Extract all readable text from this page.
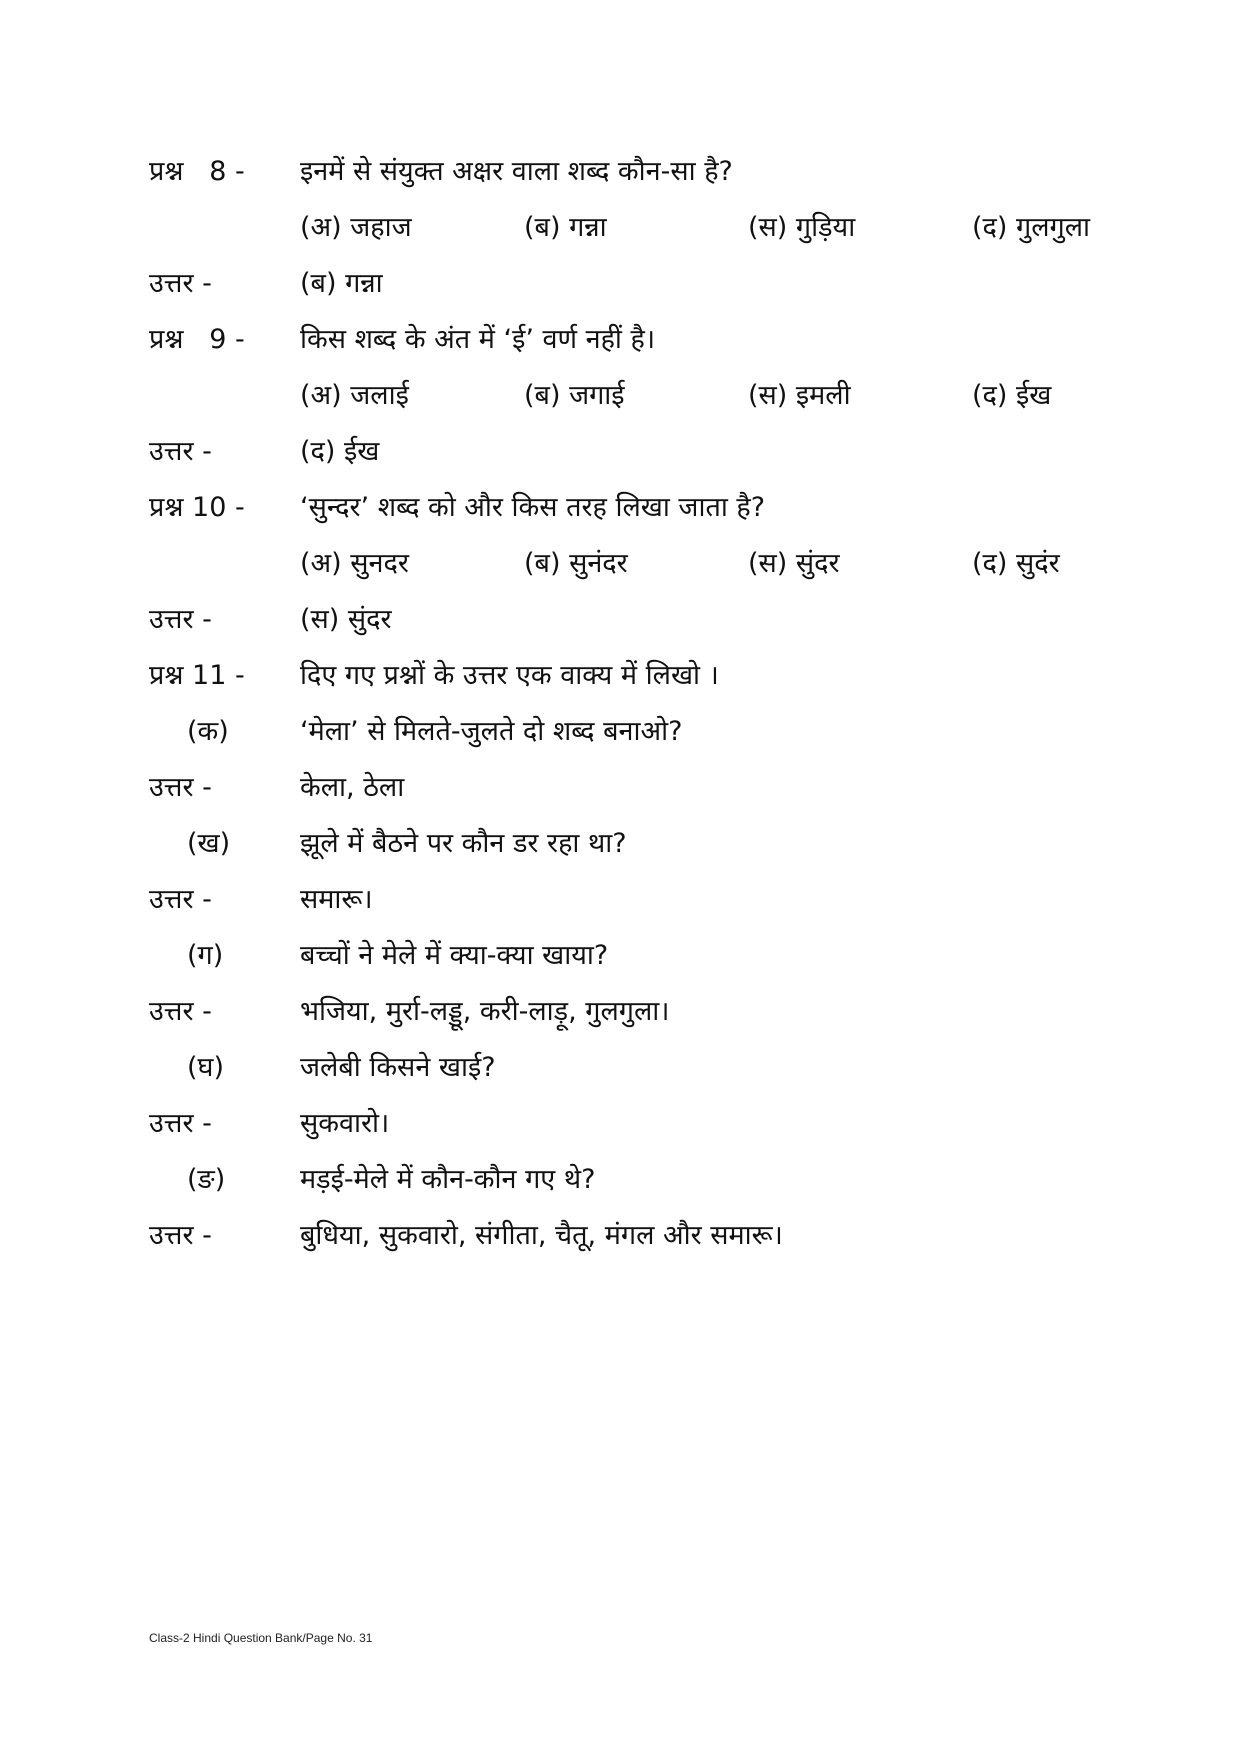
प्रश्न   8 - इनमें से संयुक्त अक्षर वाला शब्द कौन-सा है?
(अ) जहाज	(ब) गन्ना	(स) गुड़िया	(द) गुलगुला
उत्तर -	(ब) गन्ना
प्रश्न   9 - किस शब्द के अंत में ‘ई’ वर्ण नहीं है।
(अ) जलाई	(ब) जगाई	(स) इमली	(द) ईख
उत्तर -	(द) ईख
प्रश्न 10 - ‘सुन्दर’ शब्द को और किस तरह लिखा जाता है?
(अ) सुनदर	(ब) सुनंदर	(स) सुंदर	(द) सुदंर
उत्तर -	(स) सुंदर
प्रश्न 11 - दिए गए प्रश्नों के उत्तर एक वाक्य में लिखो ।
(क)	‘मेला’ से मिलते-जुलते दो शब्द बनाओ?
उत्तर -	केला, ठेला
(ख)	झूले में बैठने पर कौन डर रहा था?
उत्तर -	समारू।
(ग)	बच्चों ने मेले में क्या-क्या खाया?
उत्तर -	भजिया, मुर्रा-लड्डू, करी-लाड़ू, गुलगुला।
(घ)	जलेबी किसने खाई?
उत्तर -	सुकवारो।
(ङ)	मड़ई-मेले में कौन-कौन गए थे?
उत्तर -	बुधिया, सुकवारो, संगीता, चैतू, मंगल और समारू।
Class-2 Hindi Question Bank/Page No. 31
